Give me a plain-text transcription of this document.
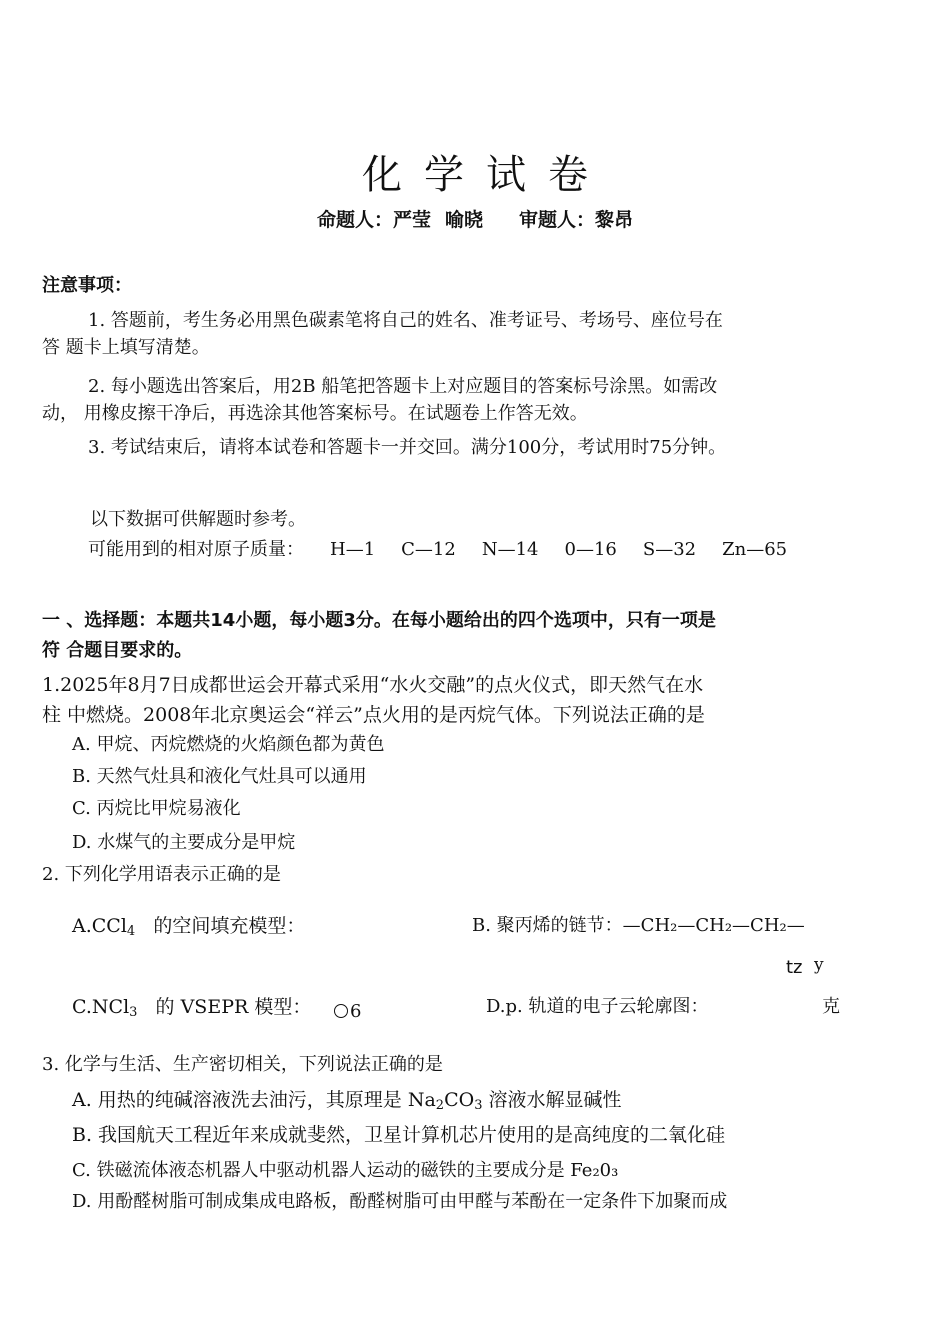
化学试卷
命题人：严莹 喻晓 审题人：黎昂
注意事项：
1. 答题前，考生务必用黑色碳素笔将自己的姓名、准考证号、考场号、座位号在
答 题卡上填写清楚。
2. 每小题选出答案后，用2B 船笔把答题卡上对应题目的答案标号涂黑。如需改
动， 用橡皮擦干净后，再选涂其他答案标号。在试题卷上作答无效。
3. 考试结束后，请将本试卷和答题卡一并交回。满分100分，考试用时75分钟。
以下数据可供解题时参考。
可能用到的相对原子质量： H—1 C—12 N—14 0—16 S—32 Zn—65
一 、选择题：本题共14小题，每小题3分。在每小题给出的四个选项中，只有一项是
符 合题目要求的。
1.2025年8月7日成都世运会开幕式采用“水火交融”的点火仪式，即天然气在水
柱 中燃烧。2008年北京奥运会“祥云”点火用的是丙烷气体。下列说法正确的是
A. 甲烷、丙烷燃烧的火焰颜色都为黄色
B. 天然气灶具和液化气灶具可以通用
C. 丙烷比甲烷易液化
D. 水煤气的主要成分是甲烷
2. 下列化学用语表示正确的是
A.CCl$_4$ 的空间填充模型：	B. 聚丙烯的链节：—CH₂—CH₂—CH₂—
tz y
C.NCl$_3$ 的 VSEPR 模型：	6	D.p. 轨道的电子云轮廓图：	克
3. 化学与生活、生产密切相关，下列说法正确的是
A. 用热的纯碱溶液洗去油污，其原理是 $Na_2CO_3$ 溶液水解显碱性
B. 我国航天工程近年来成就斐然，卫星计算机芯片使用的是高纯度的二氧化硅
C. 铁磁流体液态机器人中驱动机器人运动的磁铁的主要成分是 Fe₂0₃
D. 用酚醛树脂可制成集成电路板，酚醛树脂可由甲醛与苯酚在一定条件下加聚而成
